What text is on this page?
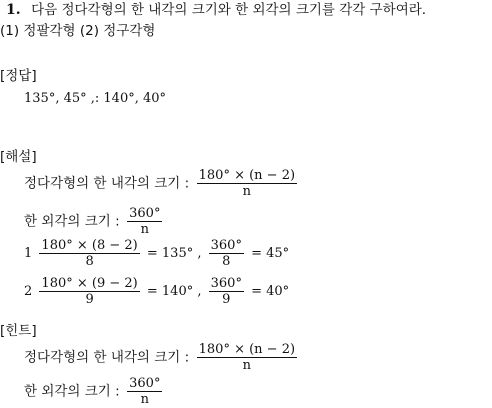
1. 다음 정다각형의 한 내각의 크기와 한 외각의 크기를 각각 구하여라.
(1) 정팔각형 (2) 정구각형
[정답]
135°, 45° ,: 140°, 40°
[해설]
정다각형의 한 내각의 크기 : $\frac{180^\circ \times (n - 2)}{n}$
한 외각의 크기 : $\frac{360^\circ}{n}$
$1 \frac{180^\circ \times (8 - 2)}{8} = 135^\circ$ , $\frac{360^\circ}{8} = 45^\circ$
$2 \frac{180^\circ \times (9 - 2)}{9} = 140^\circ$ , $\frac{360^\circ}{9} = 40^\circ$
[힌트]
정다각형의 한 내각의 크기 : $\frac{180^\circ \times (n - 2)}{n}$
한 외각의 크기 : $\frac{360^\circ}{n}$
